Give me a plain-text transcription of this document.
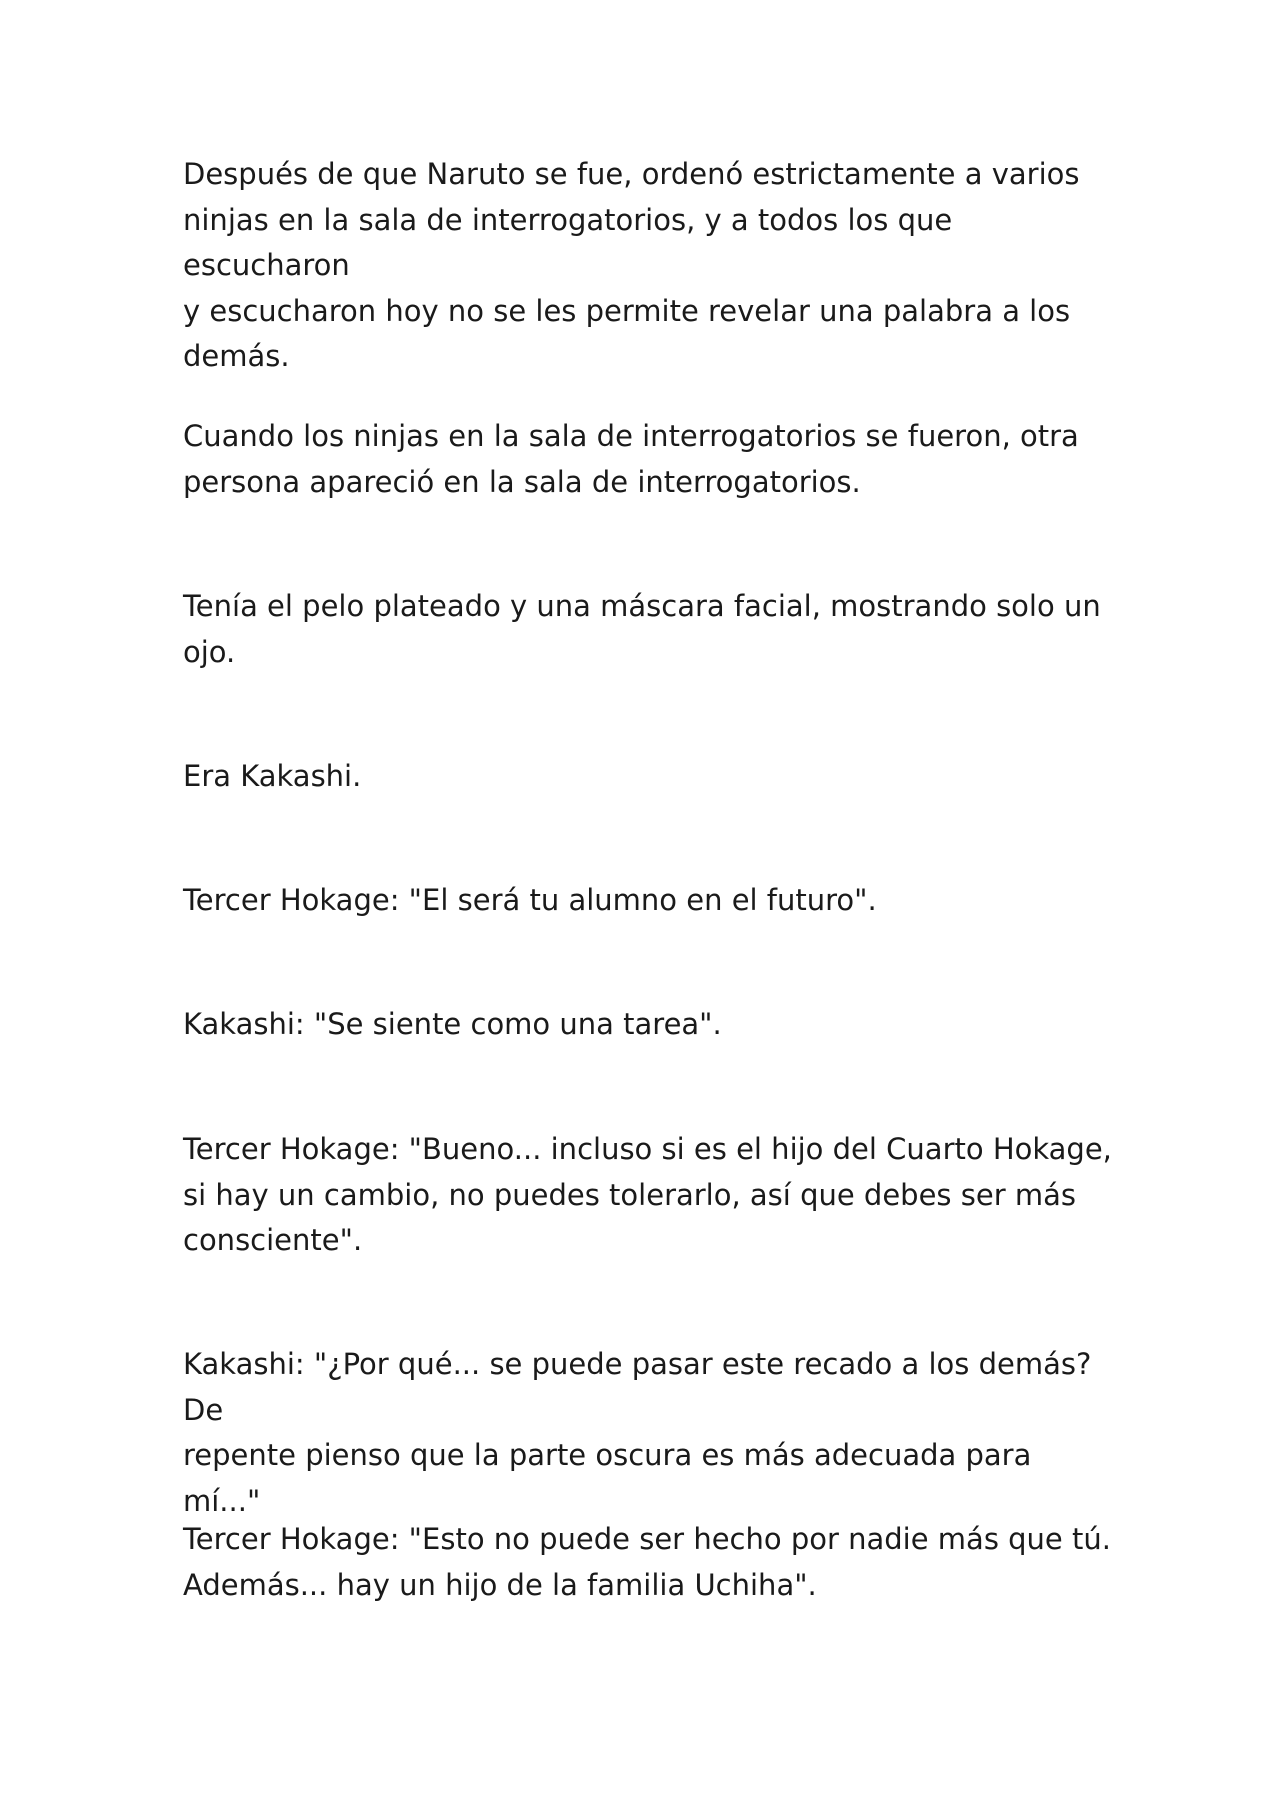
Después de que Naruto se fue, ordenó estrictamente a varios
ninjas en la sala de interrogatorios, y a todos los que escucharon
y escucharon hoy no se les permite revelar una palabra a los
demás.

Cuando los ninjas en la sala de interrogatorios se fueron, otra
persona apareció en la sala de interrogatorios.

Tenía el pelo plateado y una máscara facial, mostrando solo un
ojo.

Era Kakashi.

Tercer Hokage: "El será tu alumno en el futuro".

Kakashi: "Se siente como una tarea".

Tercer Hokage: "Bueno... incluso si es el hijo del Cuarto Hokage,
si hay un cambio, no puedes tolerarlo, así que debes ser más
consciente".

Kakashi: "¿Por qué... se puede pasar este recado a los demás? De
repente pienso que la parte oscura es más adecuada para mí..."

Tercer Hokage: "Esto no puede ser hecho por nadie más que tú.
Además... hay un hijo de la familia Uchiha".
